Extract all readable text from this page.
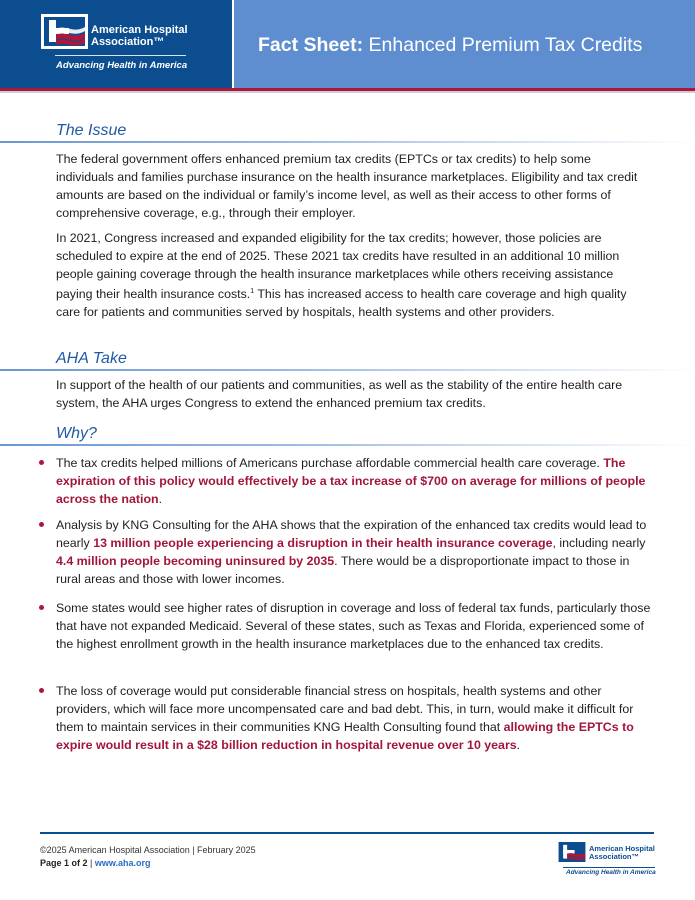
American Hospital
Association™
Advancing Health in America
Fact Sheet: Enhanced Premium Tax Credits
The Issue
The federal government offers enhanced premium tax credits (EPTCs or tax credits) to help some individuals and families purchase insurance on the health insurance marketplaces. Eligibility and tax credit amounts are based on the individual or family’s income level, as well as their access to other forms of comprehensive coverage, e.g., through their employer.
In 2021, Congress increased and expanded eligibility for the tax credits; however, those policies are scheduled to expire at the end of 2025. These 2021 tax credits have resulted in an additional 10 million people gaining coverage through the health insurance marketplaces while others receiving assistance paying their health insurance costs.$^1$ This has increased access to health care coverage and high quality care for patients and communities served by hospitals, health systems and other providers.
AHA Take
In support of the health of our patients and communities, as well as the stability of the entire health care system, the AHA urges Congress to extend the enhanced premium tax credits.
Why?
The tax credits helped millions of Americans purchase affordable commercial health care coverage. The expiration of this policy would effectively be a tax increase of $700 on average for millions of people across the nation.
Analysis by KNG Consulting for the AHA shows that the expiration of the enhanced tax credits would lead to nearly 13 million people experiencing a disruption in their health insurance coverage, including nearly 4.4 million people becoming uninsured by 2035. There would be a disproportionate impact to those in rural areas and those with lower incomes.
Some states would see higher rates of disruption in coverage and loss of federal tax funds, particularly those that have not expanded Medicaid. Several of these states, such as Texas and Florida, experienced some of the highest enrollment growth in the health insurance marketplaces due to the enhanced tax credits.
The loss of coverage would put considerable financial stress on hospitals, health systems and other providers, which will face more uncompensated care and bad debt. This, in turn, would make it difficult for them to maintain services in their communities KNG Health Consulting found that allowing the EPTCs to expire would result in a $28 billion reduction in hospital revenue over 10 years.
©2025 American Hospital Association | February 2025
Page 1 of 2 | www.aha.org
American Hospital
Association™
Advancing Health in America
